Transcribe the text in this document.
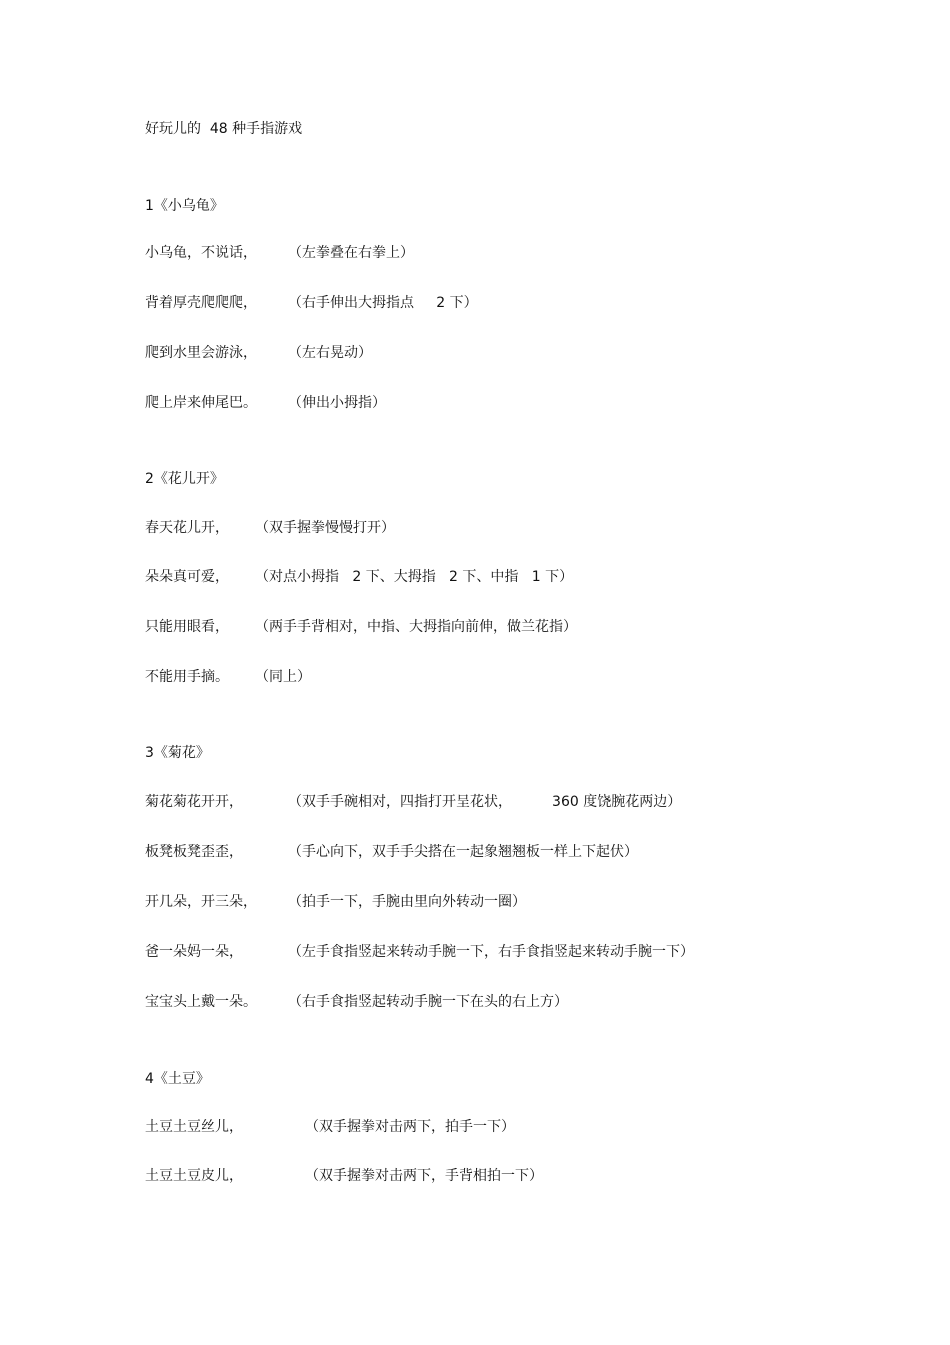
好玩儿的  48 种手指游戏
1《小乌龟》
小乌龟，不说话， （左拳叠在右拳上）
背着厚壳爬爬爬， （右手伸出大拇指点     2 下）
爬到水里会游泳， （左右晃动）
爬上岸来伸尾巴。 （伸出小拇指）
2《花儿开》
春天花儿开， （双手握拳慢慢打开）
朵朵真可爱， （对点小拇指   2 下、大拇指   2 下、中指   1 下）
只能用眼看， （两手手背相对，中指、大拇指向前伸，做兰花指）
不能用手摘。 （同上）
3《菊花》
菊花菊花开开，	（双手手碗相对，四指打开呈花状，         360 度饶腕花两边）
板凳板凳歪歪，	（手心向下，双手手尖搭在一起象翘翘板一样上下起伏）
开几朵，开三朵， （拍手一下，手腕由里向外转动一圈）
爸一朵妈一朵，	（左手食指竖起来转动手腕一下，右手食指竖起来转动手腕一下）
宝宝头上戴一朵。 （右手食指竖起转动手腕一下在头的右上方）
4《土豆》
土豆土豆丝儿，	（双手握拳对击两下，拍手一下）
土豆土豆皮儿，	（双手握拳对击两下，手背相拍一下）
